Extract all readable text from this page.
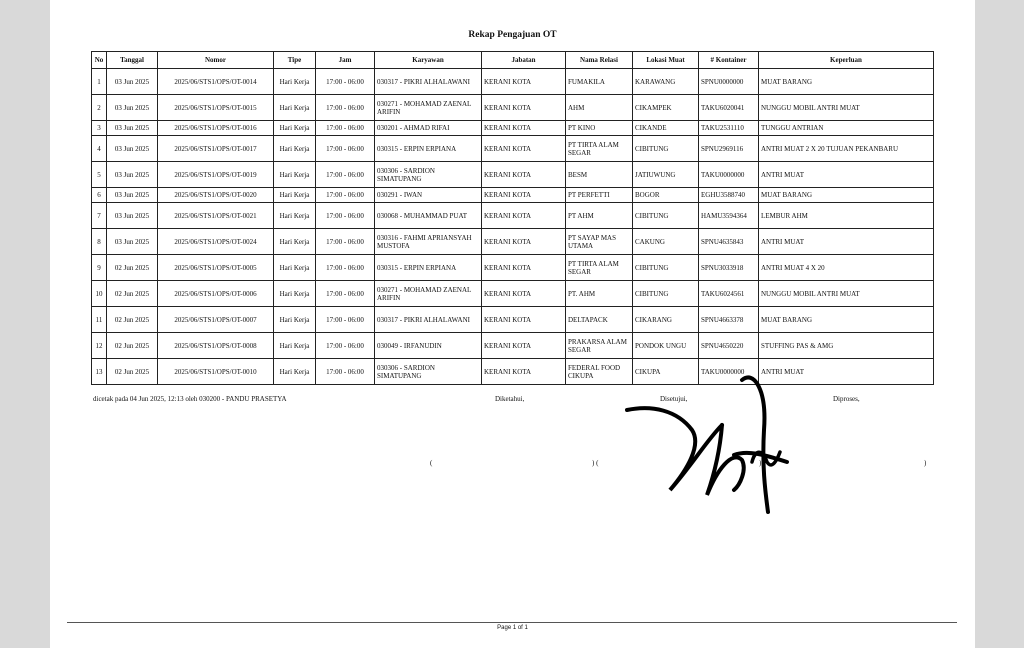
Rekap Pengajuan OT
No	Tanggal	Nomor	Tipe	Jam	Karyawan	Jabatan	Nama Relasi	Lokasi Muat	# Kontainer	Keperluan
1	03 Jun 2025	2025/06/STS1/OPS/OT-0014	Hari Kerja	17:00 - 06:00	030317 - PIKRI ALHALAWANI	KERANI KOTA	FUMAKILA	KARAWANG	SPNU0000000	MUAT BARANG
2	03 Jun 2025	2025/06/STS1/OPS/OT-0015	Hari Kerja	17:00 - 06:00	030271 - MOHAMAD ZAENAL ARIFIN	KERANI KOTA	AHM	CIKAMPEK	TAKU6020041	NUNGGU MOBIL ANTRI MUAT
3	03 Jun 2025	2025/06/STS1/OPS/OT-0016	Hari Kerja	17:00 - 06:00	030201 - AHMAD RIFAI	KERANI KOTA	PT KINO	CIKANDE	TAKU2531110	TUNGGU ANTRIAN
4	03 Jun 2025	2025/06/STS1/OPS/OT-0017	Hari Kerja	17:00 - 06:00	030315 - ERPIN ERPIANA	KERANI KOTA	PT TIRTA ALAM SEGAR	CIBITUNG	SPNU2969116	ANTRI MUAT 2 X 20 TUJUAN PEKANBARU
5	03 Jun 2025	2025/06/STS1/OPS/OT-0019	Hari Kerja	17:00 - 06:00	030306 - SARDION SIMATUPANG	KERANI KOTA	BESM	JATIUWUNG	TAKU0000000	ANTRI MUAT
6	03 Jun 2025	2025/06/STS1/OPS/OT-0020	Hari Kerja	17:00 - 06:00	030291 - IWAN	KERANI KOTA	PT PERFETTI	BOGOR	EGHU3588740	MUAT BARANG
7	03 Jun 2025	2025/06/STS1/OPS/OT-0021	Hari Kerja	17:00 - 06:00	030068 - MUHAMMAD PUAT	KERANI KOTA	PT AHM	CIBITUNG	HAMU3594364	LEMBUR AHM
8	03 Jun 2025	2025/06/STS1/OPS/OT-0024	Hari Kerja	17:00 - 06:00	030316 - FAHMI APRIANSYAH MUSTOFA	KERANI KOTA	PT SAYAP MAS UTAMA	CAKUNG	SPNU4635843	ANTRI MUAT
9	02 Jun 2025	2025/06/STS1/OPS/OT-0005	Hari Kerja	17:00 - 06:00	030315 - ERPIN ERPIANA	KERANI KOTA	PT TIRTA ALAM SEGAR	CIBITUNG	SPNU3033918	ANTRI MUAT 4 X 20
10	02 Jun 2025	2025/06/STS1/OPS/OT-0006	Hari Kerja	17:00 - 06:00	030271 - MOHAMAD ZAENAL ARIFIN	KERANI KOTA	PT. AHM	CIBITUNG	TAKU6024561	NUNGGU MOBIL ANTRI MUAT
11	02 Jun 2025	2025/06/STS1/OPS/OT-0007	Hari Kerja	17:00 - 06:00	030317 - PIKRI ALHALAWANI	KERANI KOTA	DELTAPACK	CIKARANG	SPNU4663378	MUAT BARANG
12	02 Jun 2025	2025/06/STS1/OPS/OT-0008	Hari Kerja	17:00 - 06:00	030049 - IRFANUDIN	KERANI KOTA	PRAKARSA ALAM SEGAR	PONDOK UNGU	SPNU4650220	STUFFING PAS & AMG
13	02 Jun 2025	2025/06/STS1/OPS/OT-0010	Hari Kerja	17:00 - 06:00	030306 - SARDION SIMATUPANG	KERANI KOTA	FEDERAL FOOD CIKUPA	CIKUPA	TAKU0000000	ANTRI MUAT
dicetak pada 04 Jun 2025, 12:13 oleh 030200 - PANDU PRASETYA	Diketahui,	Disetujui,	Diproses,
(	) (	) (	)
Page 1 of 1
